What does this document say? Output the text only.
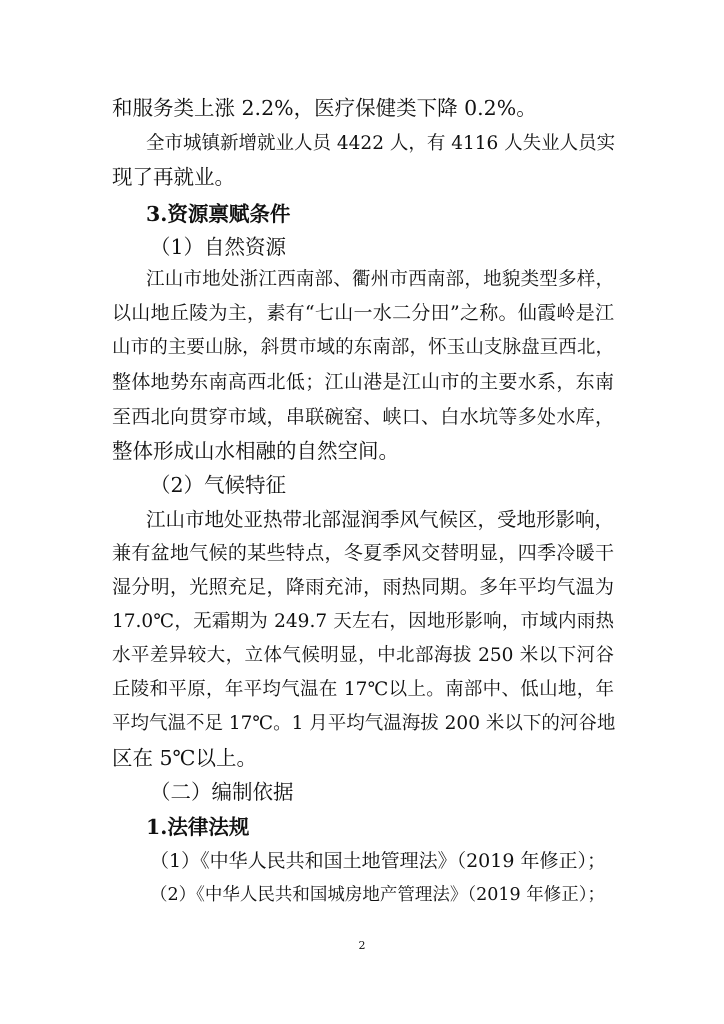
和服务类上涨 2.2%，医疗保健类下降 0.2%。
全市城镇新增就业人员 4422 人，有 4116 人失业人员实
现了再就业。
3.资源禀赋条件
（1）自然资源
江山市地处浙江西南部、衢州市西南部，地貌类型多样，
以山地丘陵为主，素有“七山一水二分田”之称。仙霞岭是江
山市的主要山脉，斜贯市域的东南部，怀玉山支脉盘亘西北，
整体地势东南高西北低；江山港是江山市的主要水系，东南
至西北向贯穿市域，串联碗窑、峡口、白水坑等多处水库，
整体形成山水相融的自然空间。
（2）气候特征
江山市地处亚热带北部湿润季风气候区，受地形影响，
兼有盆地气候的某些特点，冬夏季风交替明显，四季冷暖干
湿分明，光照充足，降雨充沛，雨热同期。多年平均气温为
17.0℃，无霜期为 249.7 天左右，因地形影响，市域内雨热
水平差异较大，立体气候明显，中北部海拔 250 米以下河谷
丘陵和平原，年平均气温在 17℃以上。南部中、低山地，年
平均气温不足 17℃。1 月平均气温海拔 200 米以下的河谷地
区在 5℃以上。
（二）编制依据
1.法律法规
（1）《中华人民共和国土地管理法》（2019 年修正）；
（2）《中华人民共和国城房地产管理法》（2019 年修正）；
2
